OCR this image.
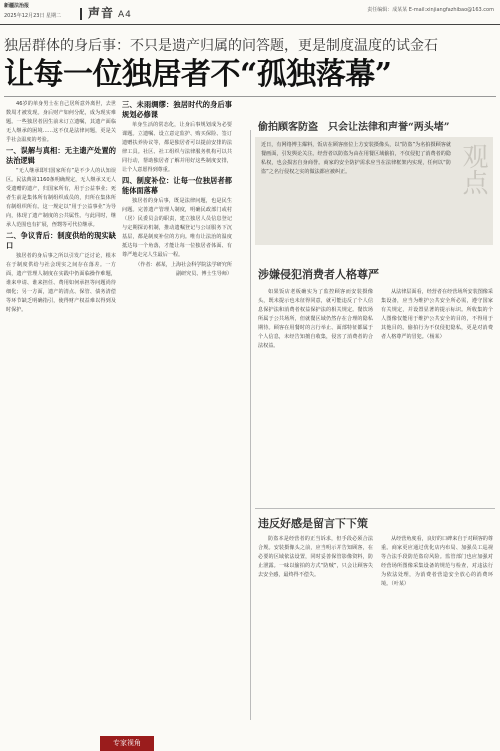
新疆法治报
2025年12月23日 星期二	声音 A4	责任编辑：成某某 E-mail:xinjiangfazhibao@163.com
独居群体的身后事：不只是遗产归属的问答题，更是制度温度的试金石
让每一位独居者不“孤独落幕”

46岁的单身男士在自己居所意外离世，去世数周才被发现。身后财产如何分配，成为现实难题。一些独居者因生前未订立遗嘱，其遗产面临无人继承的困境……这不仅是法律问题，更是关乎社会温度的考验。

一、误解与真相：无主遗产处置的法治逻辑

“无人继承即归国家所有”是不少人的认知误区。民法典第1160条明确规定，无人继承又无人受遗赠的遗产，归国家所有，用于公益事业；死者生前是集体所有制组织成员的，归所在集体所有制组织所有。这一规定以“用于公益事业”为导向，体现了遗产制度的公共属性。与此同时，继承人范围也有扩展，侄甥等可代位继承。

二、争议背后：制度供给的现实缺口

独居者的身后事之所以引发广泛讨论，根本在于制度供给与社会现实之间存在落差。一方面，遗产管理人制度在实践中仍面临操作难题，谁来申请、谁来担任、费用如何承担等问题尚待细化；另一方面，遗产的清点、保管、债务清偿等环节缺乏明确指引，使得财产权益难以得到及时保护。

三、未雨绸缪：独居时代的身后事规划必修课

单身生活的常态化，让身后事规划成为必要课题。立遗嘱、设立意定监护、购买保险、签订遗赠扶养协议等，都是独居者可以提前安排的法律工具。社区、社工组织与法律服务机构可以共同行动，帮助独居者了解并用好这些制度安排，让个人意愿得到尊重。

四、制度补位：让每一位独居者都能体面落幕

独居者的身后事，既是法律问题，也是民生问题。完善遗产管理人制度，明确民政部门或村（居）民委员会的职责，建立独居人员信息登记与定期探访机制，推动遗嘱登记与公证服务下沉基层，都是制度补位的方向。唯有让法治的温度抵达每一个角落，才能让每一位独居者体面、有尊严地走完人生最后一程。

（作者：郝某，上海社会科学院法学研究所副研究员、博士生导师）

偷拍顾客防盗　只会让法律和声誉“两头堵”
近日，有网络博主爆料，饭店在顾客座位上方安装摄像头，以“防盗”为名拍摄顾客就餐画面，引发舆论关注。经营者以防盗为由在用餐区域偷拍，不仅侵犯了消费者的隐私权，也会损害自身商誉。商家的安全防护需求应当在法律框架内实现，任何以“防盗”之名行侵权之实的做法都应被纠正。	观点
涉嫌侵犯消费者人格尊严

如果饭店老板确实为了监控顾客而安装摄像头，既未提示也未征得同意，就可能违反了个人信息保护法和消费者权益保护法的相关规定。餐饮场所属于公共场所，但就餐区域仍然存在合理的隐私期待。顾客在用餐时的言行举止、面部特征都属于个人信息，未经告知擅自收集，侵害了消费者的合法权益。

从法律层面看，经营者在经营场所安装图像采集设备，应当为维护公共安全所必需，遵守国家有关规定，并设置显著的提示标识。所收集的个人图像仅能用于维护公共安全的目的，不得用于其他目的。偷拍行为不仅侵犯隐私，更是对消费者人格尊严的冒犯。（杨某）

违反好感是留言下下策

防盗本是经营者的正当诉求，但手段必须合法合规。安装摄像头之前，应当明示并告知顾客，在必要的区域依法设置，同时妥善保管影像资料，防止泄露。一味以偷拍的方式“防贼”，只会让顾客失去安全感，最终得不偿失。

从经营角度看，良好的口碑来自于对顾客的尊重。商家更应通过优化店内布局、加强员工巡视等合法手段防范盗窃风险。监管部门也应加强对经营场所图像采集设备的规范与检查，对违法行为依法处理，为消费者营造安全放心的消费环境。（叶某）

专家视角
